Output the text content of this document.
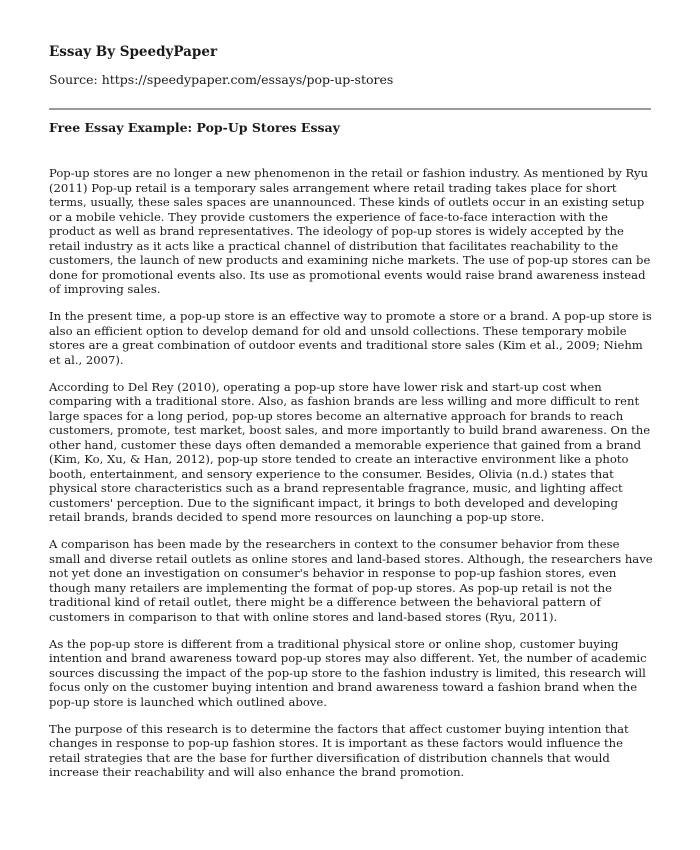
Essay By SpeedyPaper

Source: https://speedypaper.com/essays/pop-up-stores

Free Essay Example: Pop-Up Stores Essay

Pop-up stores are no longer a new phenomenon in the retail or fashion industry. As mentioned by Ryu (2011) Pop-up retail is a temporary sales arrangement where retail trading takes place for short terms, usually, these sales spaces are unannounced. These kinds of outlets occur in an existing setup or a mobile vehicle. They provide customers the experience of face-to-face interaction with the product as well as brand representatives. The ideology of pop-up stores is widely accepted by the retail industry as it acts like a practical channel of distribution that facilitates reachability to the customers, the launch of new products and examining niche markets. The use of pop-up stores can be done for promotional events also. Its use as promotional events would raise brand awareness instead of improving sales.

In the present time, a pop-up store is an effective way to promote a store or a brand. A pop-up store is also an efficient option to develop demand for old and unsold collections. These temporary mobile stores are a great combination of outdoor events and traditional store sales (Kim et al., 2009; Niehm et al., 2007).

According to Del Rey (2010), operating a pop-up store have lower risk and start-up cost when comparing with a traditional store. Also, as fashion brands are less willing and more difficult to rent large spaces for a long period, pop-up stores become an alternative approach for brands to reach customers, promote, test market, boost sales, and more importantly to build brand awareness. On the other hand, customer these days often demanded a memorable experience that gained from a brand (Kim, Ko, Xu, & Han, 2012), pop-up store tended to create an interactive environment like a photo booth, entertainment, and sensory experience to the consumer. Besides, Olivia (n.d.) states that physical store characteristics such as a brand representable fragrance, music, and lighting affect customers' perception. Due to the significant impact, it brings to both developed and developing retail brands, brands decided to spend more resources on launching a pop-up store.

A comparison has been made by the researchers in context to the consumer behavior from these small and diverse retail outlets as online stores and land-based stores. Although, the researchers have not yet done an investigation on consumer's behavior in response to pop-up fashion stores, even though many retailers are implementing the format of pop-up stores. As pop-up retail is not the traditional kind of retail outlet, there might be a difference between the behavioral pattern of customers in comparison to that with online stores and land-based stores (Ryu, 2011).

As the pop-up store is different from a traditional physical store or online shop, customer buying intention and brand awareness toward pop-up stores may also different. Yet, the number of academic sources discussing the impact of the pop-up store to the fashion industry is limited, this research will focus only on the customer buying intention and brand awareness toward a fashion brand when the pop-up store is launched which outlined above.

The purpose of this research is to determine the factors that affect customer buying intention that changes in response to pop-up fashion stores. It is important as these factors would influence the retail strategies that are the base for further diversification of distribution channels that would increase their reachability and will also enhance the brand promotion.
